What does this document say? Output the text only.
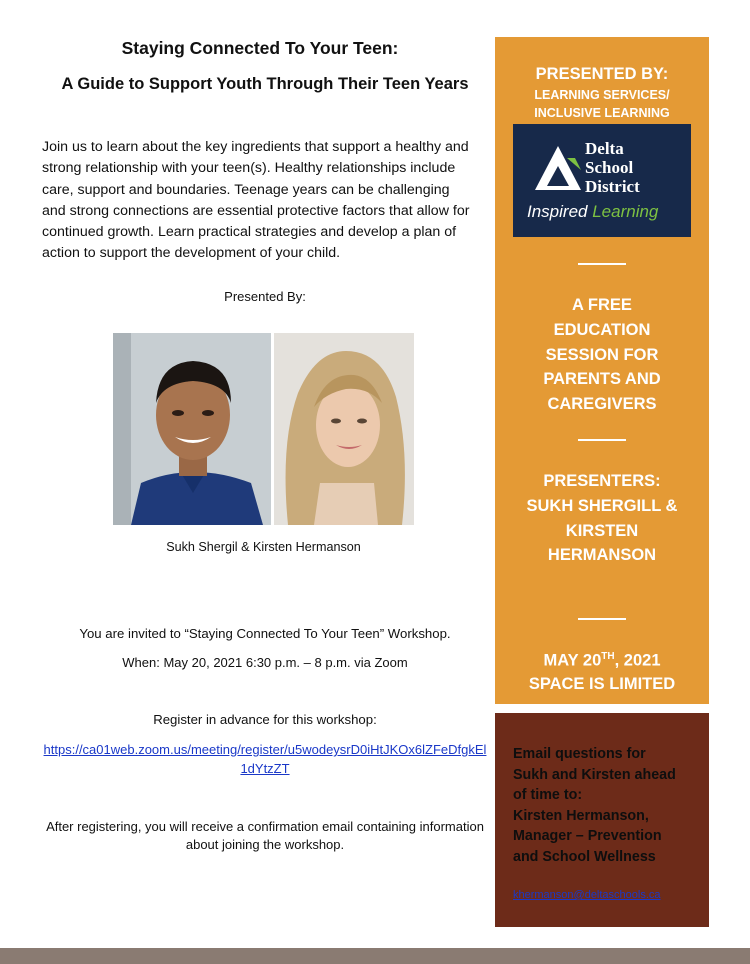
Staying Connected To Your Teen:
A Guide to Support Youth Through Their Teen Years
Join us to learn about the key ingredients that support a healthy and strong relationship with your teen(s). Healthy relationships include care, support and boundaries. Teenage years can be challenging and strong connections are essential protective factors that allow for continued growth. Learn practical strategies and develop a plan of action to support the development of your child.
Presented By:
Sukh Shergil & Kirsten Hermanson
You are invited to “Staying Connected To Your Teen” Workshop.
When: May 20, 2021 6:30 p.m. – 8 p.m. via Zoom
Register in advance for this workshop:
https://ca01web.zoom.us/meeting/register/u5wodeysrD0iHtJKOx6lZFeDfgkEl1dYtzZT
After registering, you will receive a confirmation email containing information about joining the workshop.
PRESENTED BY:
LEARNING SERVICES/
INCLUSIVE LEARNING
Delta
School
District
Inspired Learning
A FREE
EDUCATION
SESSION FOR
PARENTS AND
CAREGIVERS
PRESENTERS:
SUKH SHERGILL &
KIRSTEN
HERMANSON
MAY 20TH, 2021
SPACE IS LIMITED
Email questions for
Sukh and Kirsten ahead
of time to:
Kirsten Hermanson,
Manager – Prevention
and School Wellness
khermanson@deltaschools.ca
